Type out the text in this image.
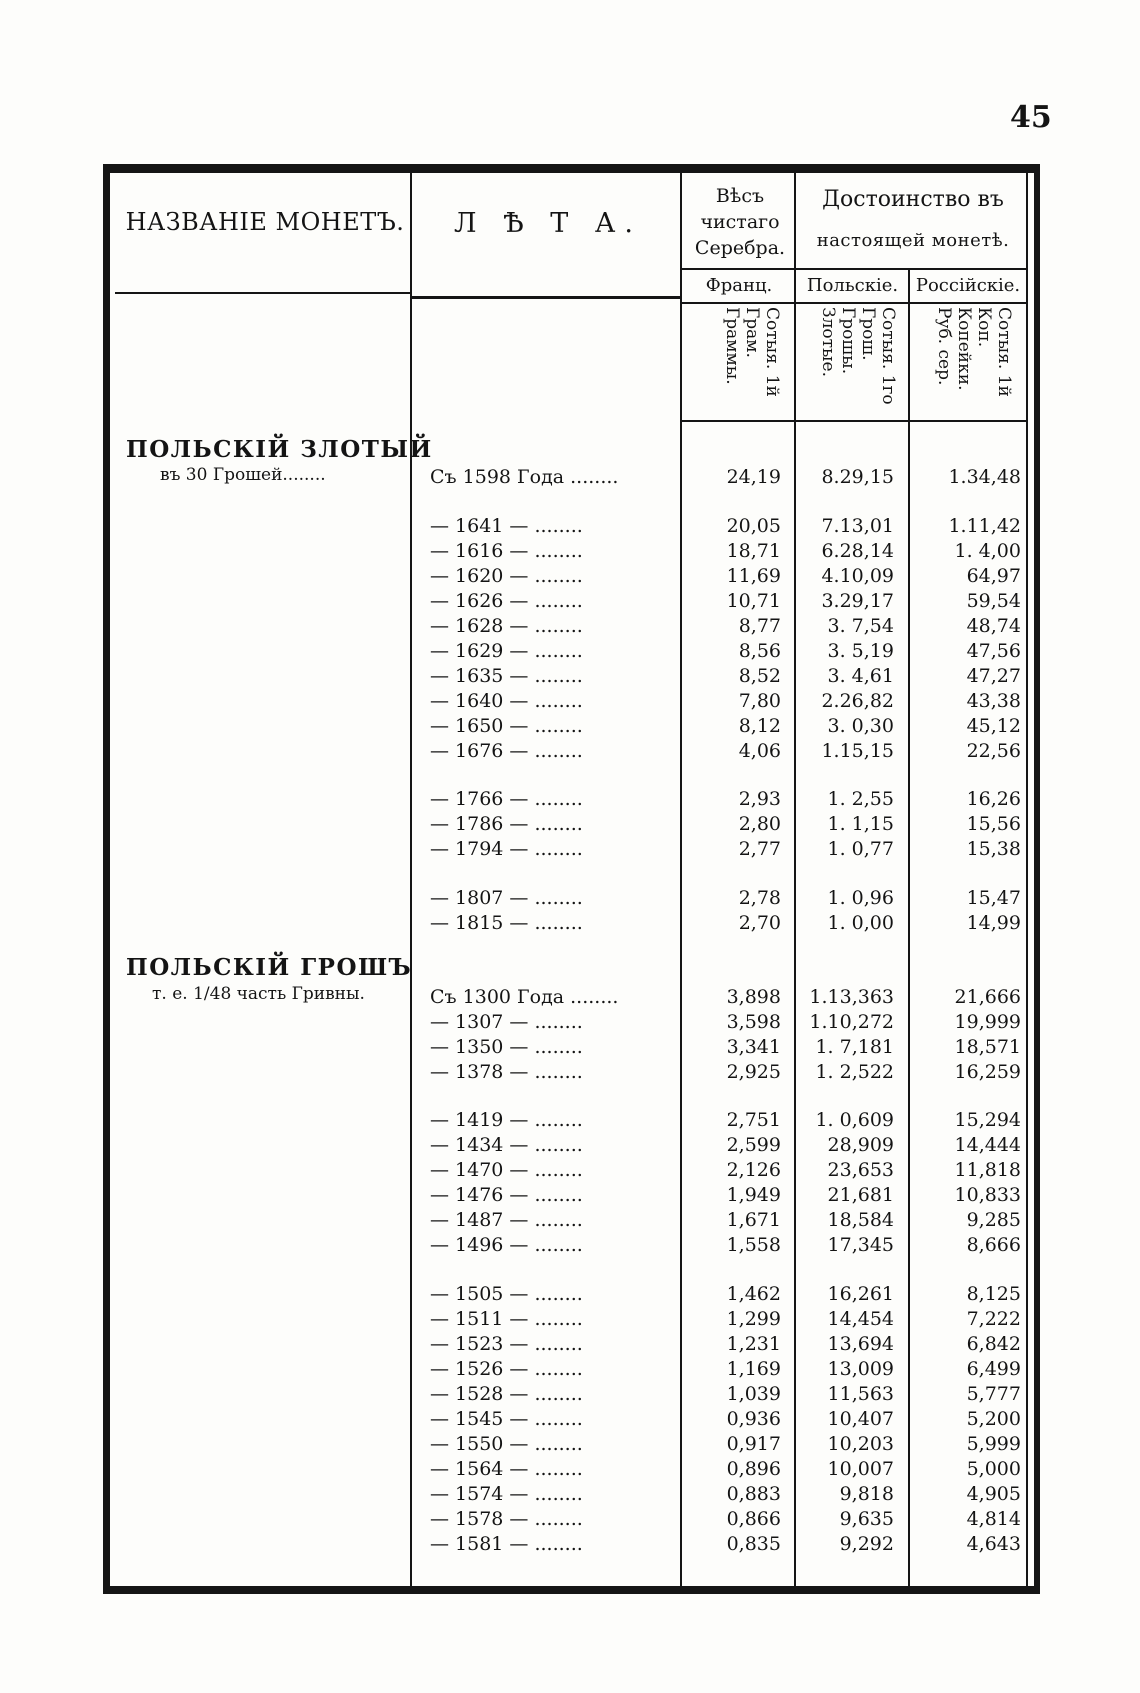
45
НАЗВАНІЕ МОНЕТЪ.	Л Ѣ Т А.
Вѣсъ
чистаго
Серебра.
Достоинство въ
настоящей монетѣ.
Франц.	Польскіе. Россійскіе.
Сотыя. 1й Грам. Граммы.	Сотыя. 1го Грош. Грошы. Злотые.	Сотыя. 1й Коп. Копейки. Руб. сер.
ПОЛЬСКІЙ ЗЛОТЫЙ
въ 30 Грошей........	Съ 1598 Года ........	24,19	8.29,15	1.34,48
— 1641 — ........	20,05	7.13,01	1.11,42
— 1616 — ........	18,71	6.28,14	1. 4,00
— 1620 — ........	11,69	4.10,09	64,97
— 1626 — ........	10,71	3.29,17	59,54
— 1628 — ........	8,77	3. 7,54	48,74
— 1629 — ........	8,56	3. 5,19	47,56
— 1635 — ........	8,52	3. 4,61	47,27
— 1640 — ........	7,80	2.26,82	43,38
— 1650 — ........	8,12	3. 0,30	45,12
— 1676 — ........	4,06	1.15,15	22,56
— 1766 — ........	2,93	1. 2,55	16,26
— 1786 — ........	2,80	1. 1,15	15,56
— 1794 — ........	2,77	1. 0,77	15,38
— 1807 — ........	2,78	1. 0,96	15,47
— 1815 — ........	2,70	1. 0,00	14,99
ПОЛЬСКІЙ ГРОШЪ
т. е. 1/48 часть Гривны.	Съ 1300 Года ........	3,898	1.13,363	21,666
— 1307 — ........	3,598	1.10,272	19,999
— 1350 — ........	3,341	1. 7,181	18,571
— 1378 — ........	2,925	1. 2,522	16,259
— 1419 — ........	2,751	1. 0,609	15,294
— 1434 — ........	2,599	28,909	14,444
— 1470 — ........	2,126	23,653	11,818
— 1476 — ........	1,949	21,681	10,833
— 1487 — ........	1,671	18,584	9,285
— 1496 — ........	1,558	17,345	8,666
— 1505 — ........	1,462	16,261	8,125
— 1511 — ........	1,299	14,454	7,222
— 1523 — ........	1,231	13,694	6,842
— 1526 — ........	1,169	13,009	6,499
— 1528 — ........	1,039	11,563	5,777
— 1545 — ........	0,936	10,407	5,200
— 1550 — ........	0,917	10,203	5,999
— 1564 — ........	0,896	10,007	5,000
— 1574 — ........	0,883	9,818	4,905
— 1578 — ........	0,866	9,635	4,814
— 1581 — ........	0,835	9,292	4,643
